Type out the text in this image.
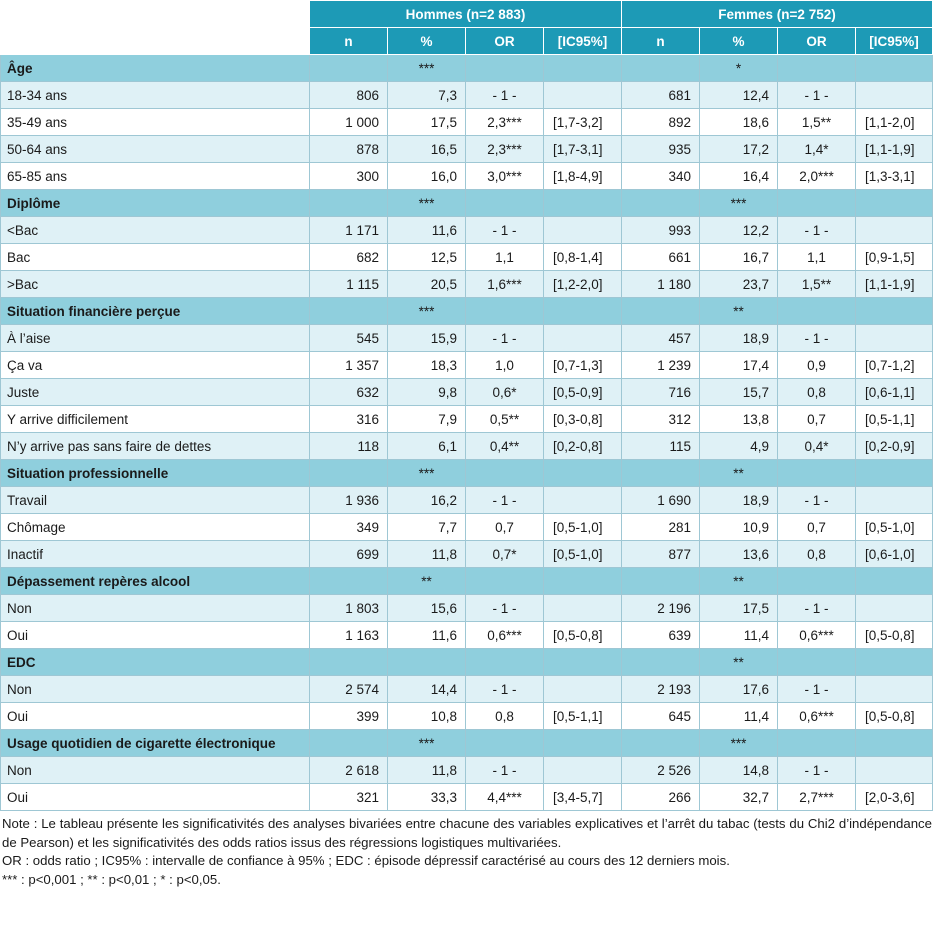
	Hommes (n=2 883)				Femmes (n=2 752)			
	n	%	OR	[IC95%]	n	%	OR	[IC95%]
Âge		***				*		
18-34 ans	806	7,3	- 1 -		681	12,4	- 1 -	
35-49 ans	1 000	17,5	2,3***	[1,7-3,2]	892	18,6	1,5**	[1,1-2,0]
50-64 ans	878	16,5	2,3***	[1,7-3,1]	935	17,2	1,4*	[1,1-1,9]
65-85 ans	300	16,0	3,0***	[1,8-4,9]	340	16,4	2,0***	[1,3-3,1]
Diplôme		***				***		
<Bac	1 171	11,6	- 1 -		993	12,2	- 1 -	
Bac	682	12,5	1,1	[0,8-1,4]	661	16,7	1,1	[0,9-1,5]
>Bac	1 115	20,5	1,6***	[1,2-2,0]	1 180	23,7	1,5**	[1,1-1,9]
Situation financière perçue		***				**		
À l’aise	545	15,9	- 1 -		457	18,9	- 1 -	
Ça va	1 357	18,3	1,0	[0,7-1,3]	1 239	17,4	0,9	[0,7-1,2]
Juste	632	9,8	0,6*	[0,5-0,9]	716	15,7	0,8	[0,6-1,1]
Y arrive difficilement	316	7,9	0,5**	[0,3-0,8]	312	13,8	0,7	[0,5-1,1]
N’y arrive pas sans faire de dettes	118	6,1	0,4**	[0,2-0,8]	115	4,9	0,4*	[0,2-0,9]
Situation professionnelle		***				**		
Travail	1 936	16,2	- 1 -		1 690	18,9	- 1 -	
Chômage	349	7,7	0,7	[0,5-1,0]	281	10,9	0,7	[0,5-1,0]
Inactif	699	11,8	0,7*	[0,5-1,0]	877	13,6	0,8	[0,6-1,0]
Dépassement repères alcool		**				**		
Non	1 803	15,6	- 1 -		2 196	17,5	- 1 -	
Oui	1 163	11,6	0,6***	[0,5-0,8]	639	11,4	0,6***	[0,5-0,8]
EDC						**		
Non	2 574	14,4	- 1 -		2 193	17,6	- 1 -	
Oui	399	10,8	0,8	[0,5-1,1]	645	11,4	0,6***	[0,5-0,8]
Usage quotidien de cigarette électronique		***				***		
Non	2 618	11,8	- 1 -		2 526	14,8	- 1 -	
Oui	321	33,3	4,4***	[3,4-5,7]	266	32,7	2,7***	[2,0-3,6]

Note : Le tableau présente les significativités des analyses bivariées entre chacune des variables explicatives et l’arrêt du tabac (tests du Chi2 d’indépendance de Pearson) et les significativités des odds ratios issus des régressions logistiques multivariées.

OR : odds ratio ; IC95% : intervalle de confiance à 95% ; EDC : épisode dépressif caractérisé au cours des 12 derniers mois.

*** : p<0,001 ; ** : p<0,01 ; * : p<0,05.
